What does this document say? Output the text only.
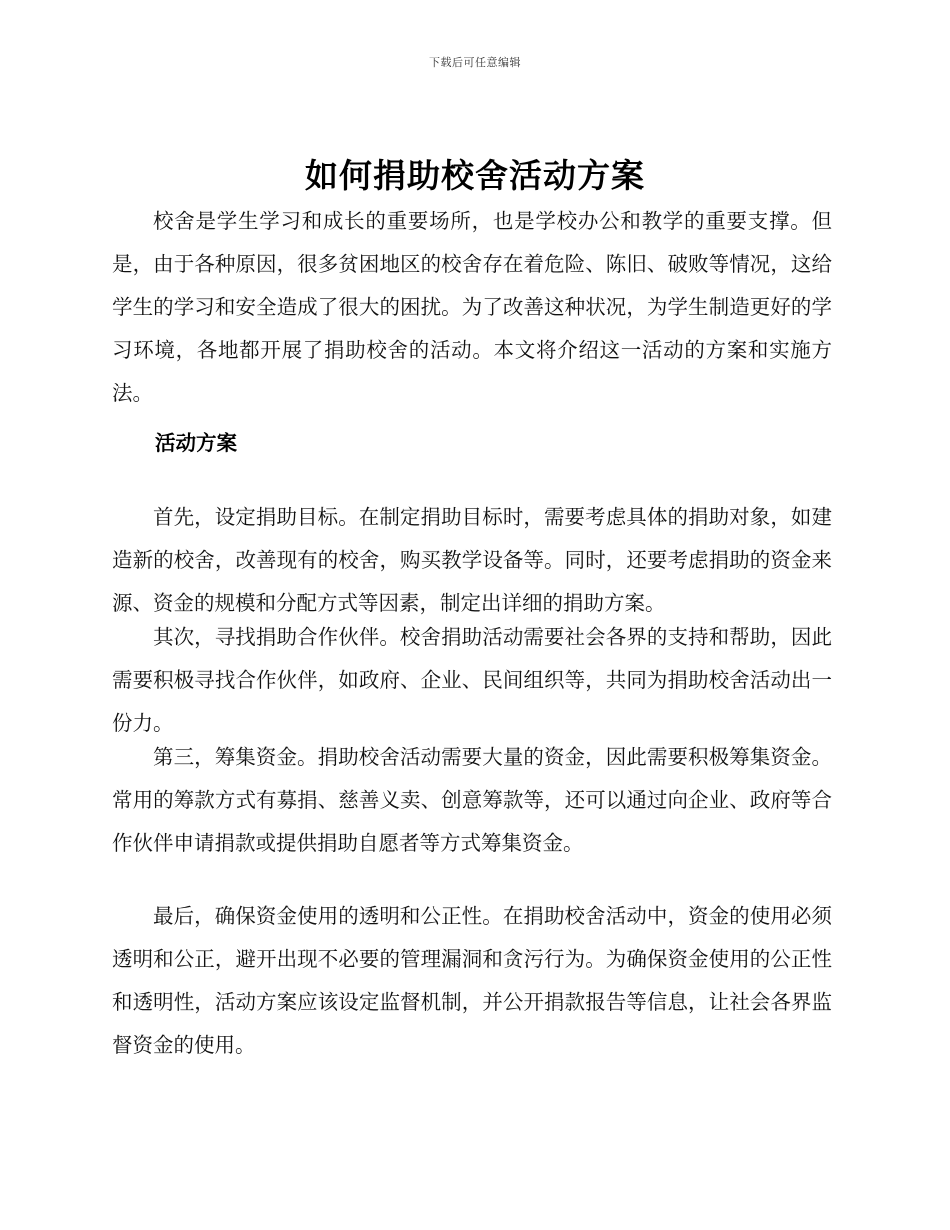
下载后可任意编辑
如何捐助校舍活动方案

校舍是学生学习和成长的重要场所，也是学校办公和教学的重要支撑。但是，由于各种原因，很多贫困地区的校舍存在着危险、陈旧、破败等情况，这给学生的学习和安全造成了很大的困扰。为了改善这种状况，为学生制造更好的学习环境，各地都开展了捐助校舍的活动。本文将介绍这一活动的方案和实施方法。

活动方案

首先，设定捐助目标。在制定捐助目标时，需要考虑具体的捐助对象，如建造新的校舍，改善现有的校舍，购买教学设备等。同时，还要考虑捐助的资金来源、资金的规模和分配方式等因素，制定出详细的捐助方案。

其次，寻找捐助合作伙伴。校舍捐助活动需要社会各界的支持和帮助，因此需要积极寻找合作伙伴，如政府、企业、民间组织等，共同为捐助校舍活动出一份力。

第三，筹集资金。捐助校舍活动需要大量的资金，因此需要积极筹集资金。常用的筹款方式有募捐、慈善义卖、创意筹款等，还可以通过向企业、政府等合作伙伴申请捐款或提供捐助自愿者等方式筹集资金。

最后，确保资金使用的透明和公正性。在捐助校舍活动中，资金的使用必须透明和公正，避开出现不必要的管理漏洞和贪污行为。为确保资金使用的公正性和透明性，活动方案应该设定监督机制，并公开捐款报告等信息，让社会各界监督资金的使用。
